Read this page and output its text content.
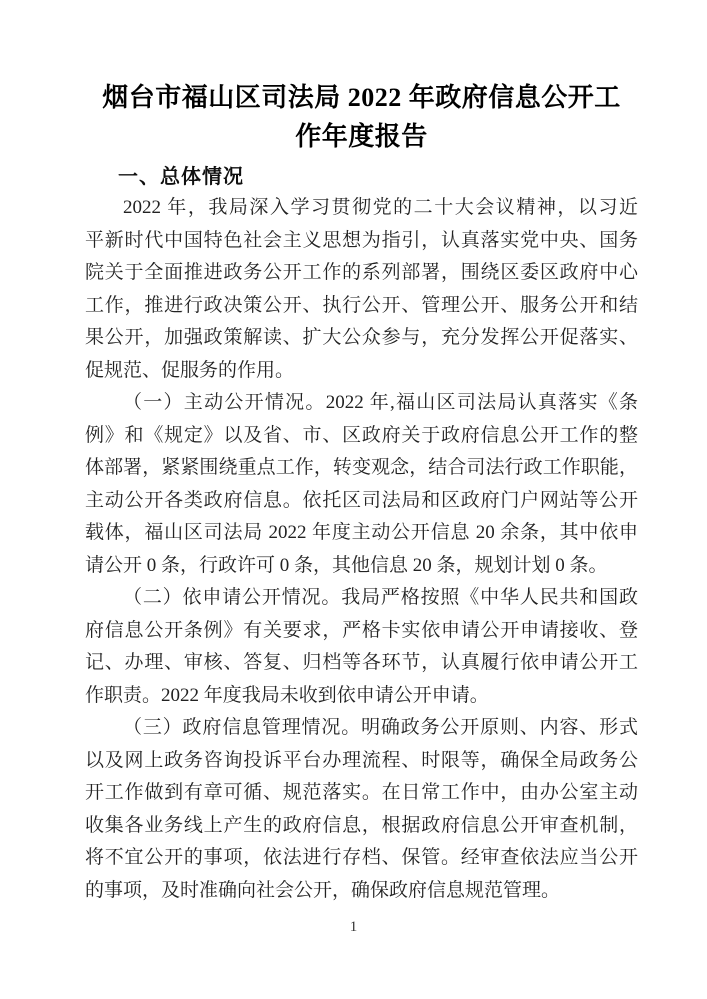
烟台市福山区司法局 2022 年政府信息公开工
作年度报告
一、总体情况
2022 年，我局深入学习贯彻党的二十大会议精神，以习近
平新时代中国特色社会主义思想为指引，认真落实党中央、国务
院关于全面推进政务公开工作的系列部署，围绕区委区政府中心
工作，推进行政决策公开、执行公开、管理公开、服务公开和结
果公开，加强政策解读、扩大公众参与，充分发挥公开促落实、
促规范、促服务的作用。
（一）主动公开情况。2022 年,福山区司法局认真落实《条
例》和《规定》以及省、市、区政府关于政府信息公开工作的整
体部署，紧紧围绕重点工作，转变观念，结合司法行政工作职能，
主动公开各类政府信息。依托区司法局和区政府门户网站等公开
载体，福山区司法局 2022 年度主动公开信息 20 余条，其中依申
请公开 0 条，行政许可 0 条，其他信息 20 条，规划计划 0 条。
（二）依申请公开情况。我局严格按照《中华人民共和国政
府信息公开条例》有关要求，严格卡实依申请公开申请接收、登
记、办理、审核、答复、归档等各环节，认真履行依申请公开工
作职责。2022 年度我局未收到依申请公开申请。
（三）政府信息管理情况。明确政务公开原则、内容、形式
以及网上政务咨询投诉平台办理流程、时限等，确保全局政务公
开工作做到有章可循、规范落实。在日常工作中，由办公室主动
收集各业务线上产生的政府信息，根据政府信息公开审查机制，
将不宜公开的事项，依法进行存档、保管。经审查依法应当公开
的事项，及时准确向社会公开，确保政府信息规范管理。
1
